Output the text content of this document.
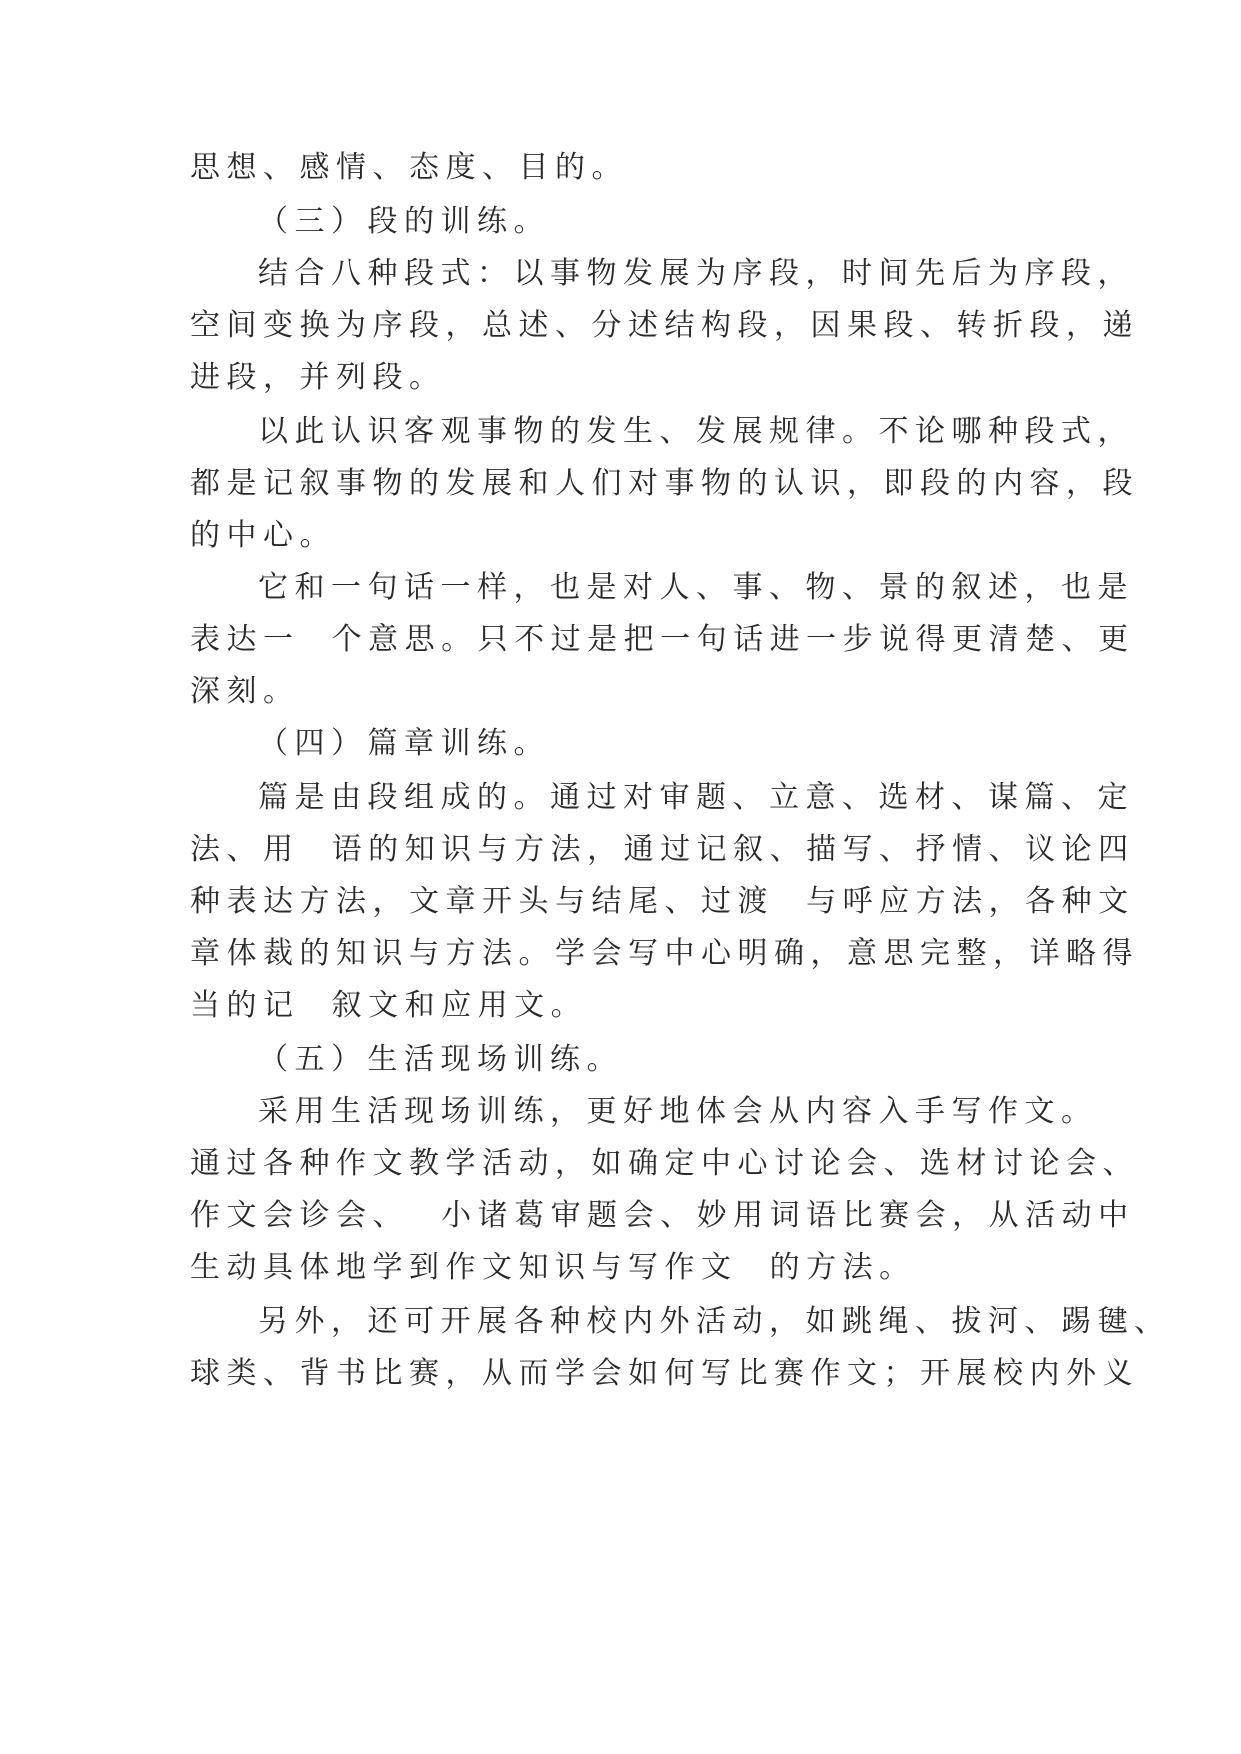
思想、感情、态度、目的。
（三）段的训练。
结合八种段式：以事物发展为序段，时间先后为序段，
空间变换为序段，总述、分述结构段，因果段、转折段，递
进段，并列段。
以此认识客观事物的发生、发展规律。不论哪种段式，
都是记叙事物的发展和人们对事物的认识，即段的内容，段
的中心。
它和一句话一样，也是对人、事、物、景的叙述，也是
表达一  个意思。只不过是把一句话进一步说得更清楚、更
深刻。
（四）篇章训练。
篇是由段组成的。通过对审题、立意、选材、谋篇、定
法、用  语的知识与方法，通过记叙、描写、抒情、议论四
种表达方法，文章开头与结尾、过渡  与呼应方法，各种文
章体裁的知识与方法。学会写中心明确，意思完整，详略得
当的记  叙文和应用文。
（五）生活现场训练。
采用生活现场训练，更好地体会从内容入手写作文。
通过各种作文教学活动，如确定中心讨论会、选材讨论会、
作文会诊会、  小诸葛审题会、妙用词语比赛会，从活动中
生动具体地学到作文知识与写作文  的方法。
另外，还可开展各种校内外活动，如跳绳、拔河、踢毽、
球类、背书比赛，从而学会如何写比赛作文；开展校内外义
